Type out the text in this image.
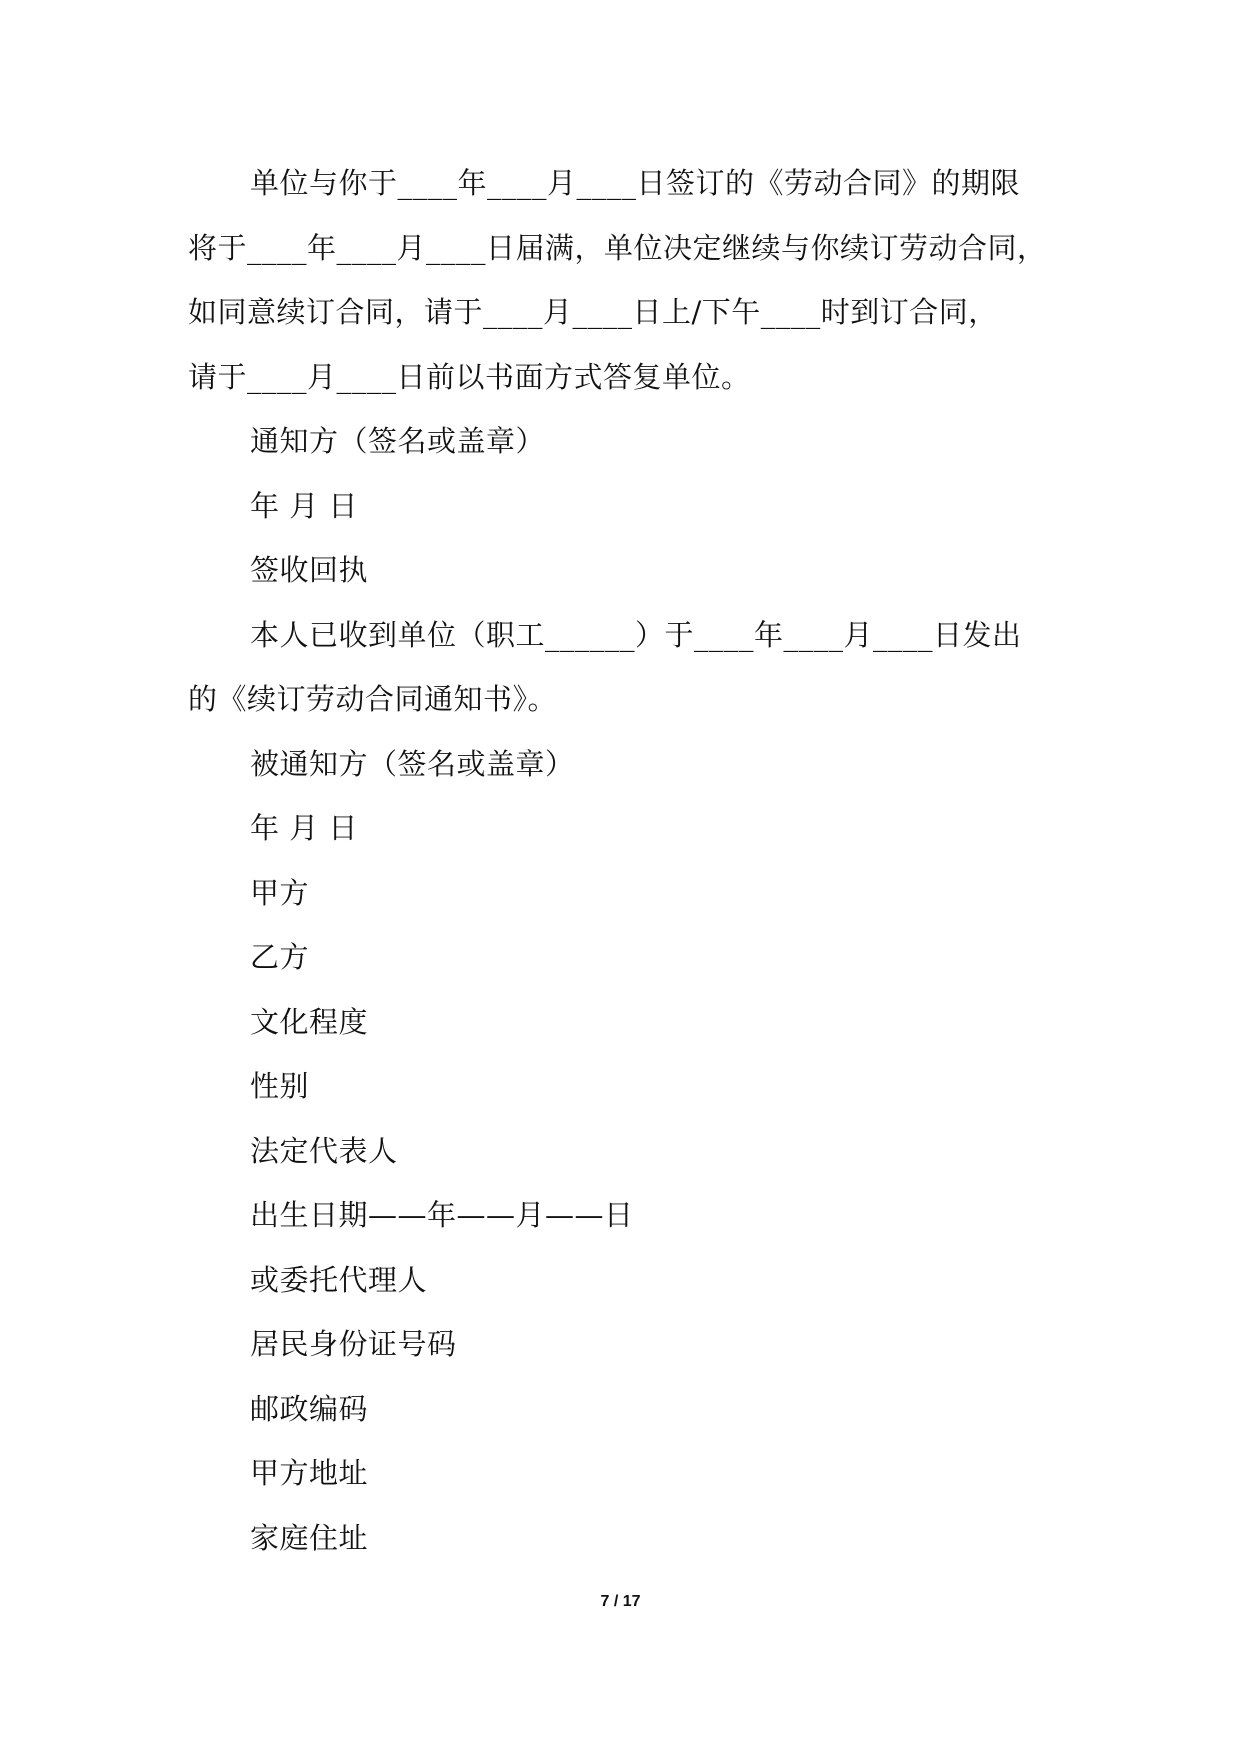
单位与你于____年____月____日签订的《劳动合同》的期限
将于____年____月____日届满，单位决定继续与你续订劳动合同，
如同意续订合同，请于____月____日上/下午____时到订合同，
请于____月____日前以书面方式答复单位。
通知方（签名或盖章）
年 月 日
签收回执
本人已收到单位（职工______）于____年____月____日发出
的《续订劳动合同通知书》。
被通知方（签名或盖章）
年 月 日
甲方
乙方
文化程度
性别
法定代表人
出生日期——年——月——日
或委托代理人
居民身份证号码
邮政编码
甲方地址
家庭住址
7 / 17
